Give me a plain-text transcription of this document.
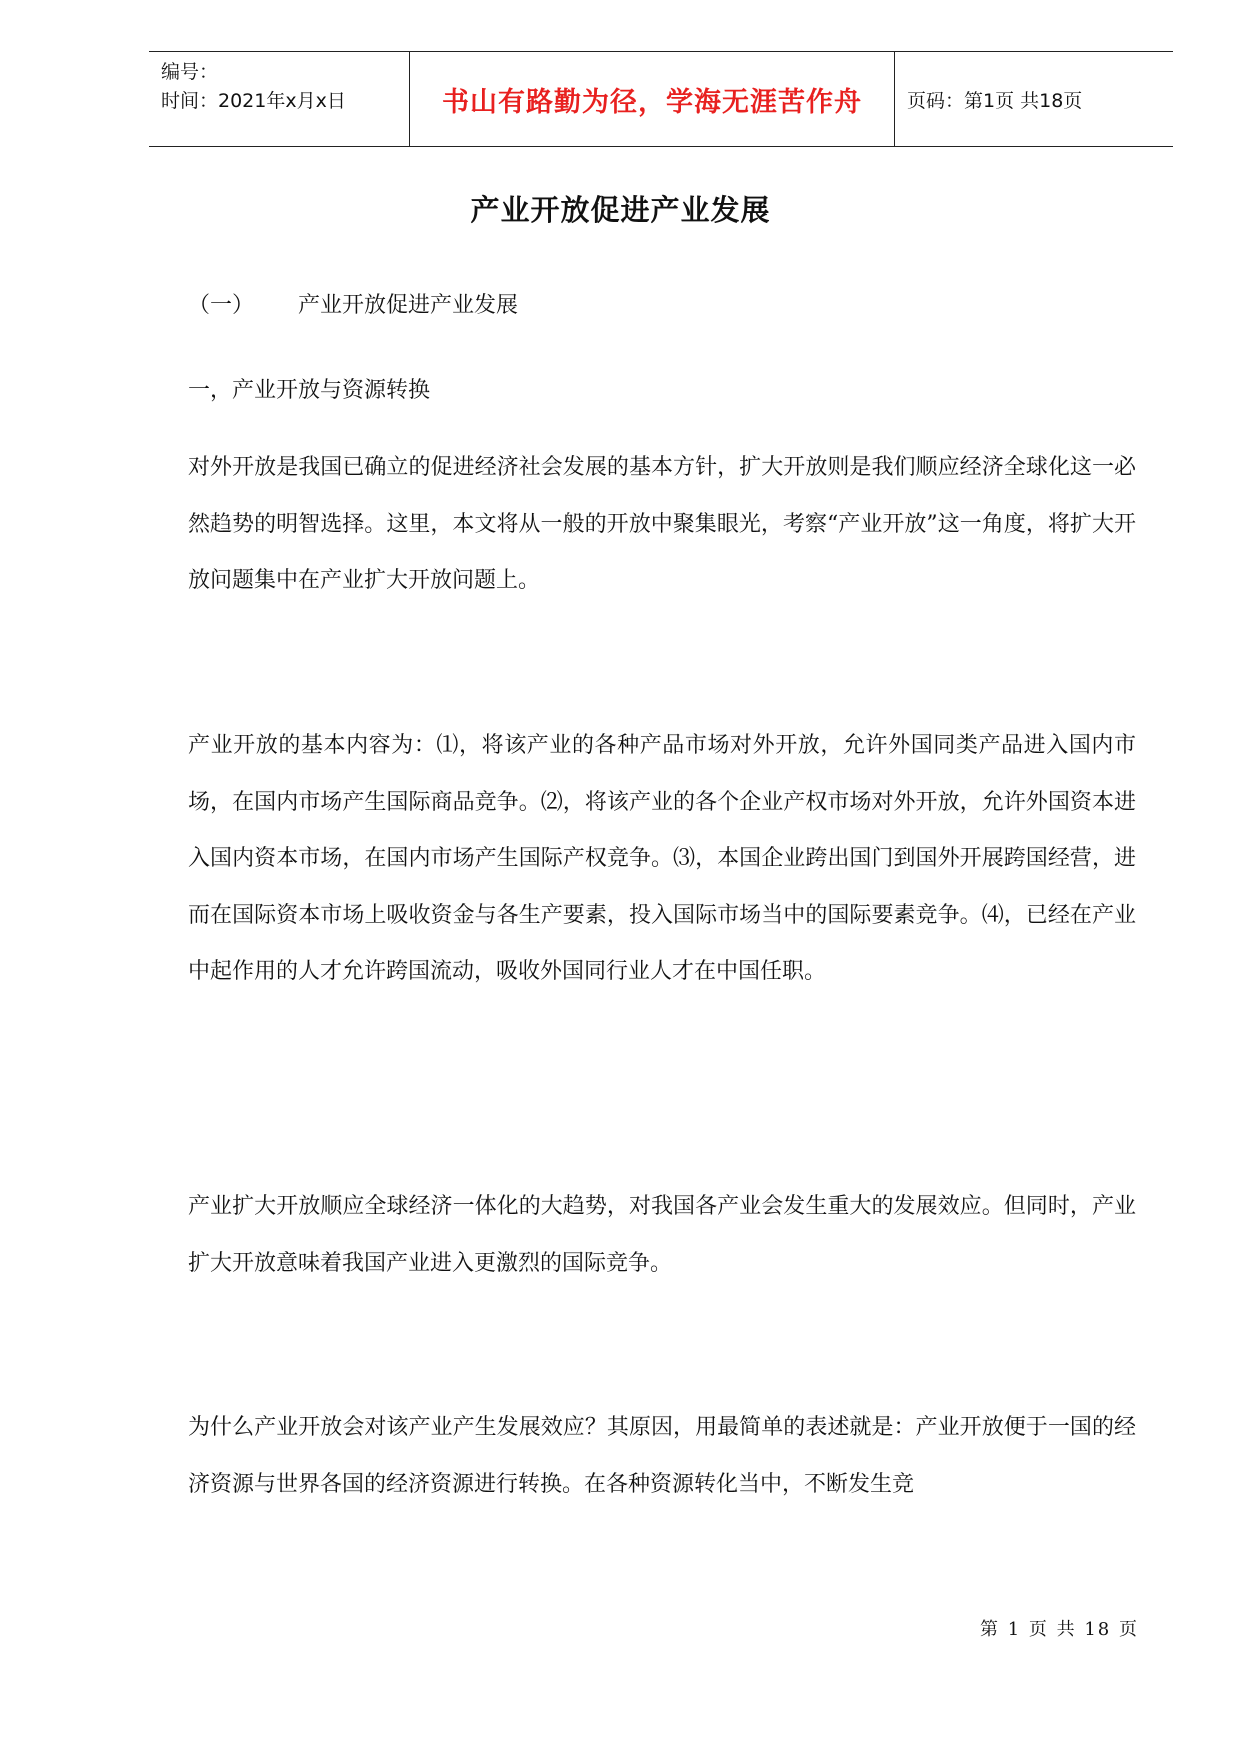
编号：
时间：2021年x月x日	书山有路勤为径，学海无涯苦作舟	页码：第1页 共18页
产业开放促进产业发展
（一） 产业开放促进产业发展
一，产业开放与资源转换

对外开放是我国已确立的促进经济社会发展的基本方针，扩大开放则是我们顺应经济全球化这一必然趋势的明智选择。这里，本文将从一般的开放中聚集眼光，考察“产业开放”这一角度，将扩大开放问题集中在产业扩大开放问题上。

产业开放的基本内容为：⑴，将该产业的各种产品市场对外开放，允许外国同类产品进入国内市场，在国内市场产生国际商品竞争。⑵，将该产业的各个企业产权市场对外开放，允许外国资本进入国内资本市场，在国内市场产生国际产权竞争。⑶，本国企业跨出国门到国外开展跨国经营，进而在国际资本市场上吸收资金与各生产要素，投入国际市场当中的国际要素竞争。⑷，已经在产业中起作用的人才允许跨国流动，吸收外国同行业人才在中国任职。

产业扩大开放顺应全球经济一体化的大趋势，对我国各产业会发生重大的发展效应。但同时，产业扩大开放意味着我国产业进入更激烈的国际竞争。

为什么产业开放会对该产业产生发展效应？其原因，用最简单的表述就是：产业开放便于一国的经济资源与世界各国的经济资源进行转换。在各种资源转化当中，不断发生竞

第 1 页 共 18 页
